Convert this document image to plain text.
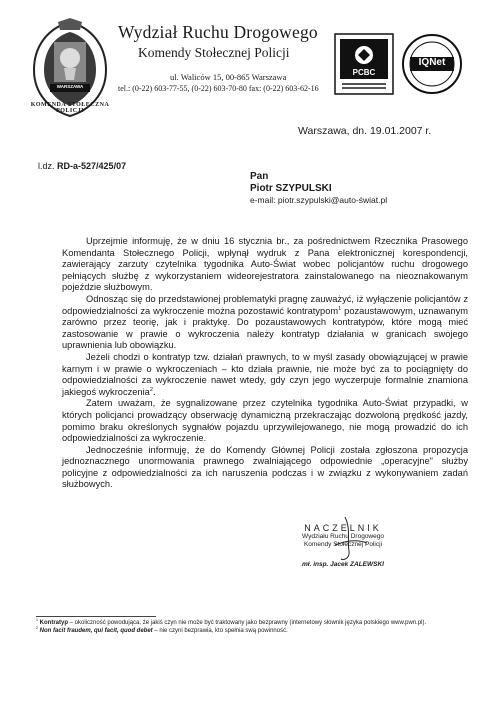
KOMENDA STOŁECZNA POLICJI
WARSZAWA
Wydział Ruchu Drogowego
Komendy Stołecznej Policji
ul. Waliców 15, 00-865 Warszawa
tel.: (0-22) 603-77-55, (0-22) 603-70-80 fax: (0-22) 603-62-16
PCBC
IQNet
Warszawa, dn. 19.01.2007 r.
l.dz. RD-a-527/425/07
Pan
Piotr SZYPULSKI
e-mail: piotr.szypulski@auto-świat.pl

Uprzejmie informuję, że w dniu 16 stycznia br., za pośrednictwem Rzecznika Prasowego Komendanta Stołecznego Policji, wpłynął wydruk z Pana elektronicznej korespondencji, zawierający zarzuty czytelnika tygodnika Auto-Świat wobec policjantów ruchu drogowego pełniących służbę z wykorzystaniem wideorejestratora zainstalowanego na nieoznakowanym pojeździe służbowym.

Odnosząc się do przedstawionej problematyki pragnę zauważyć, iż wyłączenie policjantów z odpowiedzialności za wykroczenie można pozostawić kontratypom$^1$ pozaustawowym, uznawanym zarówno przez teorię, jak i praktykę. Do pozaustawowych kontratypów, które mogą mieć zastosowanie w prawie o wykroczenia należy kontratyp działania w granicach swojego uprawnienia lub obowiązku.

Jeżeli chodzi o kontratyp tzw. działań prawnych, to w myśl zasady obowiązującej w prawie karnym i w prawie o wykroczeniach – kto działa prawnie, nie może być za to pociągnięty do odpowiedzialności za wykroczenie nawet wtedy, gdy czyn jego wyczerpuje formalnie znamiona jakiegoś wykroczenia$^2$.

Zatem uważam, że sygnalizowane przez czytelnika tygodnika Auto-Świat przypadki, w których policjanci prowadzący obserwację dynamiczną przekraczając dozwoloną prędkość jazdy, pomimo braku określonych sygnałów pojazdu uprzywilejowanego, nie mogą prowadzić do ich odpowiedzialności za wykroczenie.

Jednocześnie informuję, że do Komendy Głównej Policji została zgłoszona propozycja jednoznacznego unormowania prawnego zwalniającego odpowiednie „operacyjne” służby policyjne z odpowiedzialności za ich naruszenia podczas i w związku z wykonywaniem zadań służbowych.

NACZELNIK
Wydziału Ruchu Drogowego
Komendy Stołecznej Policji
mł. insp. Jacek ZALEWSKI
$^1$ Kontratyp – okoliczność powodująca, że jakiś czyn nie może być traktowany jako bezprawny (internetowy słownik języka polskiego www.pwn.pl).
$^2$ Non facit fraudem, qui facit, quod debet – nie czyni bezprawia, kto spełnia swą powinność.
